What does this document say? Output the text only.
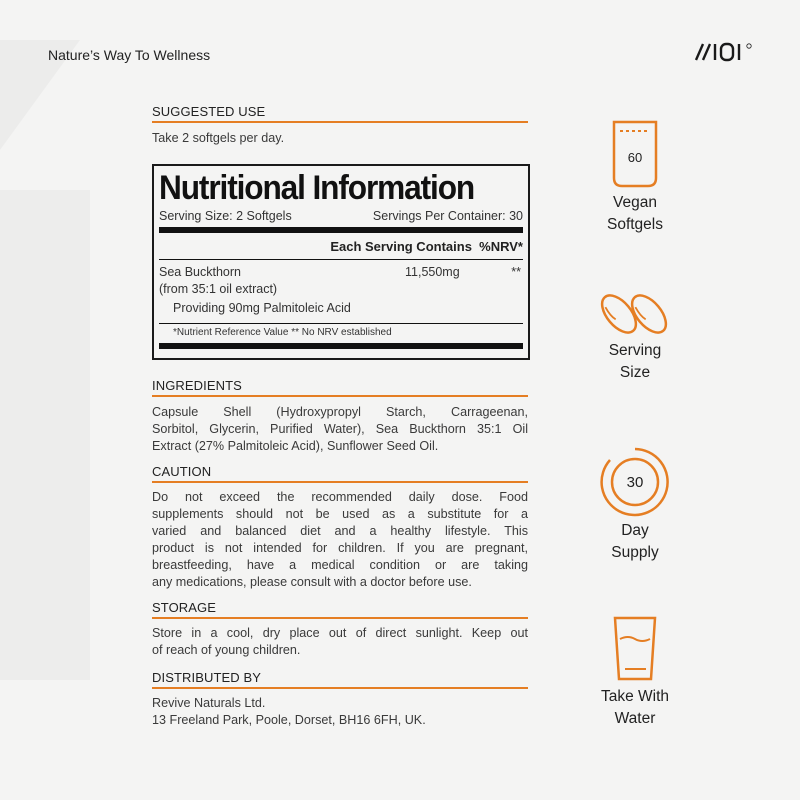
Nature’s Way To Wellness
SUGGESTED USE
Take 2 softgels per day.
Nutritional Information
Serving Size: 2 Softgels	Servings Per Container: 30
Each Serving Contains %NRV*
Sea Buckthorn	11,550mg	**
(from 35:1 oil extract)
Providing 90mg Palmitoleic Acid
*Nutrient Reference Value ** No NRV established
INGREDIENTS
Capsule Shell (Hydroxypropyl Starch, Carrageenan,
Sorbitol, Glycerin, Purified Water), Sea Buckthorn 35:1 Oil
Extract (27% Palmitoleic Acid), Sunflower Seed Oil.
CAUTION
Do not exceed the recommended daily dose. Food
supplements should not be used as a substitute for a
varied and balanced diet and a healthy lifestyle. This
product is not intended for children. If you are pregnant,
breastfeeding, have a medical condition or are taking
any medications, please consult with a doctor before use.
STORAGE
Store in a cool, dry place out of direct sunlight. Keep out
of reach of young children.
DISTRIBUTED BY
Revive Naturals Ltd.
13 Freeland Park, Poole, Dorset, BH16 6FH, UK.
60
Vegan
Softgels
Serving
Size
30
Day
Supply
Take With
Water
